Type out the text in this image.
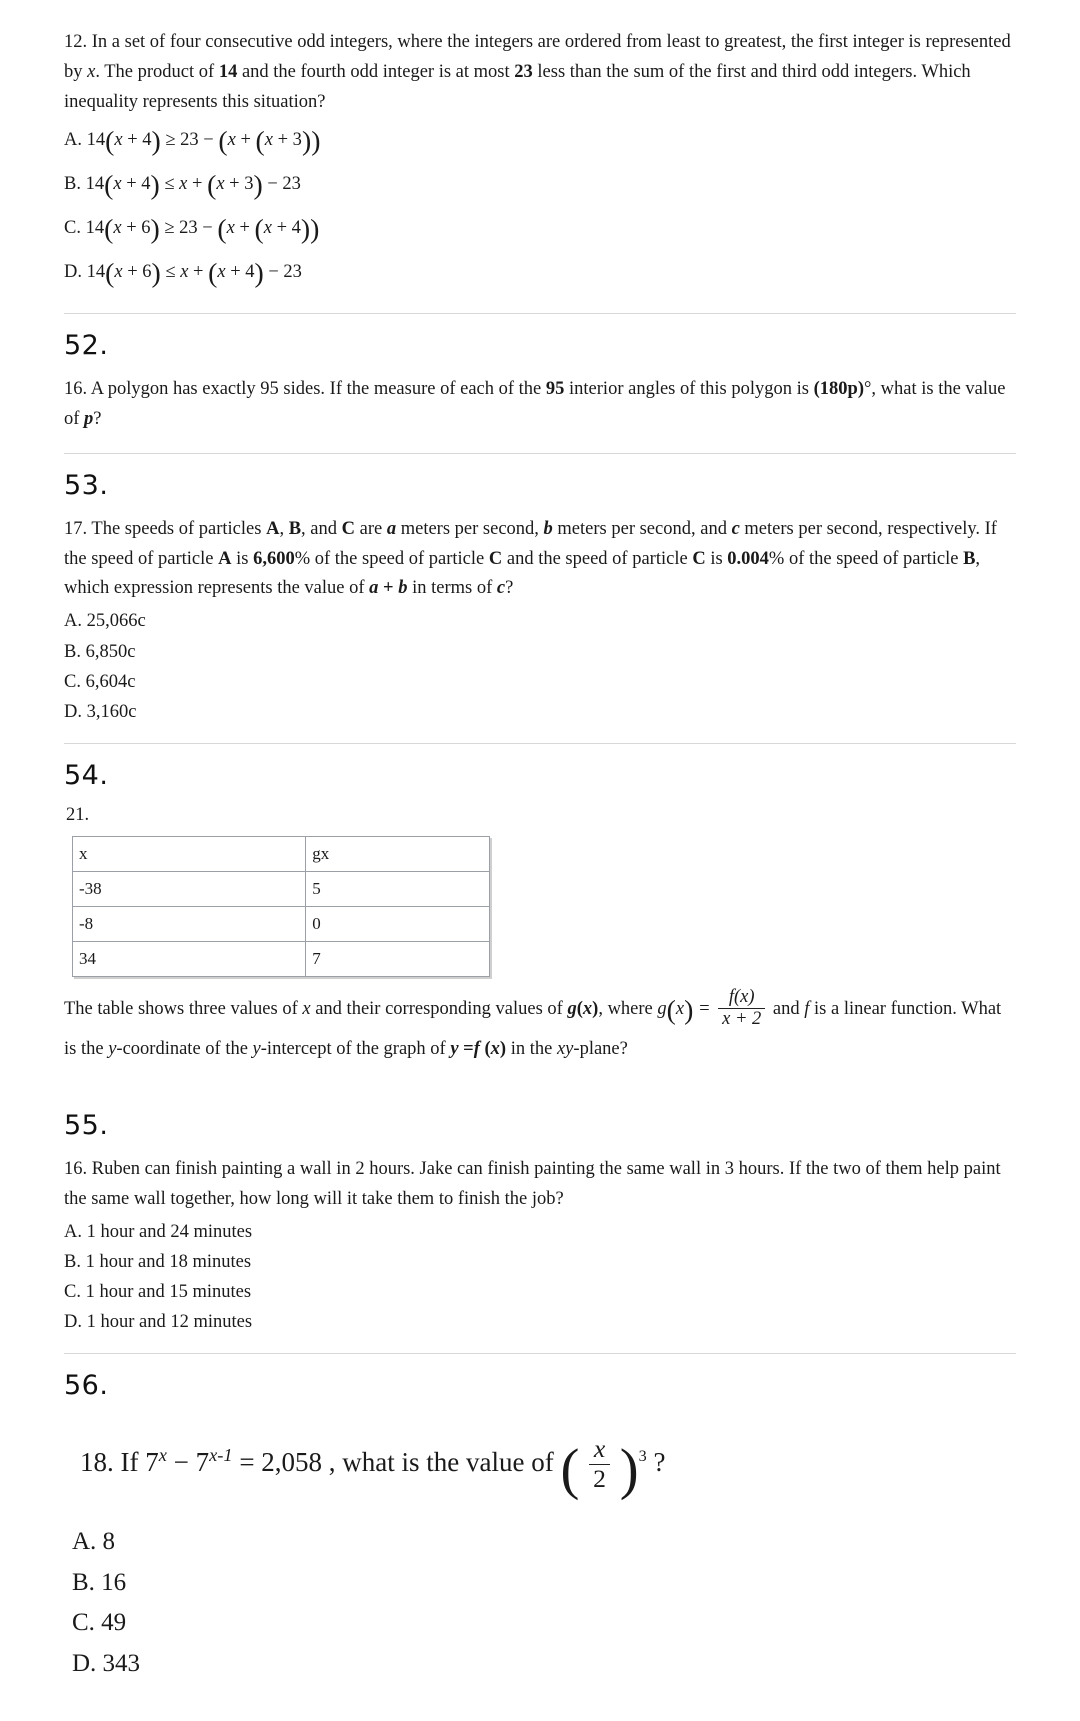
12. In a set of four consecutive odd integers, where the integers are ordered from least to greatest, the first integer is represented by x. The product of 14 and the fourth odd integer is at most 23 less than the sum of the first and third odd integers. Which inequality represents this situation?

A. 14(x + 4) ≥ 23 − (x + (x + 3))
B. 14(x + 4) ≤ x + (x + 3) − 23
C. 14(x + 6) ≥ 23 − (x + (x + 4))
D. 14(x + 6) ≤ x + (x + 4) − 23
52.

16. A polygon has exactly 95 sides. If the measure of each of the 95 interior angles of this polygon is (180p)°, what is the value of p?

53.

17. The speeds of particles A, B, and C are a meters per second, b meters per second, and c meters per second, respectively. If the speed of particle A is 6,600% of the speed of particle C and the speed of particle C is 0.004% of the speed of particle B, which expression represents the value of a + b in terms of c?

A. 25,066c
B. 6,850c
C. 6,604c
D. 3,160c
54.
21.
x	gx
-38	5
-8	0
34	7

The table shows three values of x and their corresponding values of g(x), where $g(x) = \frac{f(x)}{x + 2}$ and f is a linear function. What is the y-coordinate of the y-intercept of the graph of y =f (x) in the xy-plane?

55.

16. Ruben can finish painting a wall in 2 hours. Jake can finish painting the same wall in 3 hours. If the two of them help paint the same wall together, how long will it take them to finish the job?

A. 1 hour and 24 minutes
B. 1 hour and 18 minutes
C. 1 hour and 15 minutes
D. 1 hour and 12 minutes
56.

18. If $7^x - 7^{x-1} = 2,058$ , what is the value of ( $\frac{x}{2} )^3$ ?

A. 8
B. 16
C. 49
D. 343
